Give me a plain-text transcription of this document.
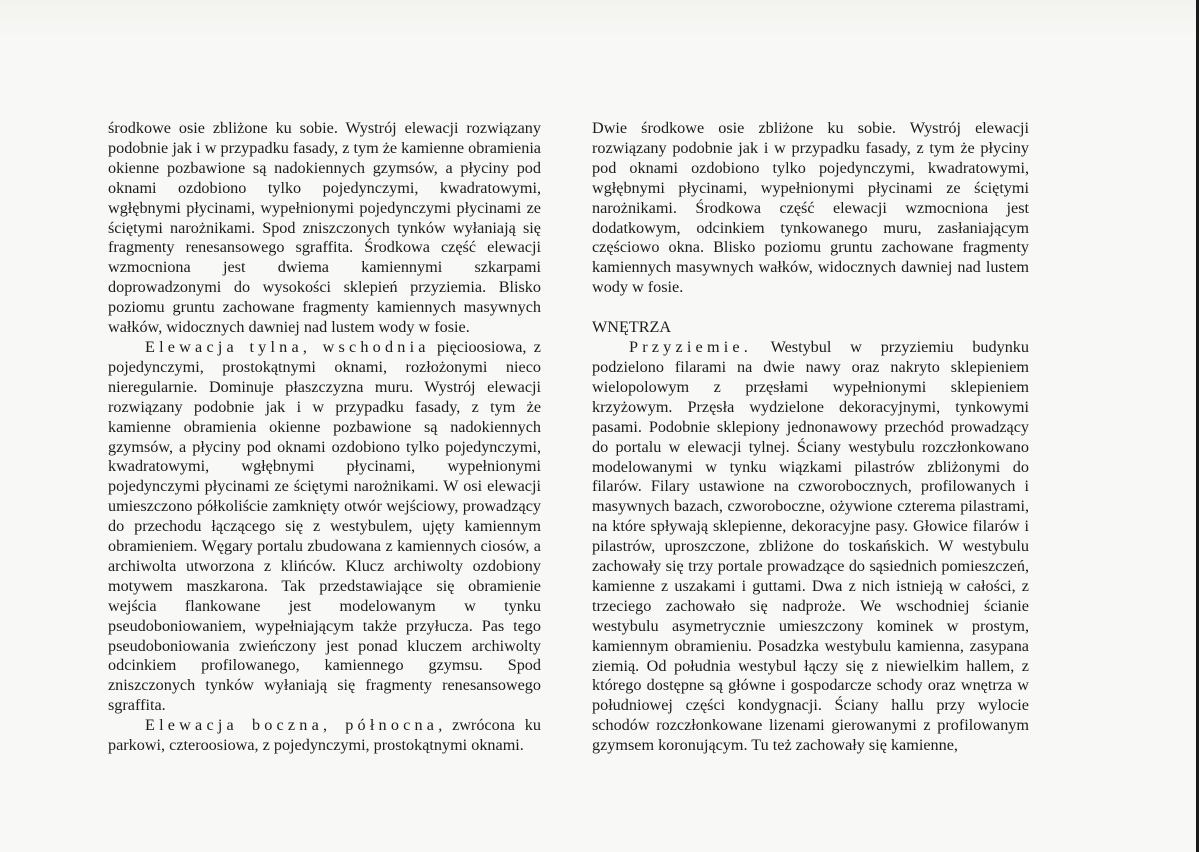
środkowe osie zbliżone ku sobie. Wystrój elewacji rozwiązany podobnie jak i w przypadku fasady, z tym że kamienne obramienia okienne pozbawione są nadokiennych gzymsów, a płyciny pod oknami ozdobiono tylko pojedynczymi, kwadratowymi, wgłębnymi płycinami, wypełnionymi pojedynczymi płycinami ze ściętymi narożnikami. Spod zniszczonych tynków wyłaniają się fragmenty renesansowego sgraffita. Środkowa część elewacji wzmocniona jest dwiema kamiennymi szkarpami doprowadzonymi do wysokości sklepień przyziemia. Blisko poziomu gruntu zachowane fragmenty kamiennych masywnych wałków, widocznych dawniej nad lustem wody w fosie.

Elewacja tylna, wschodnia pięcioosiowa, z pojedynczymi, prostokątnymi oknami, rozłożonymi nieco nieregularnie. Dominuje płaszczyzna muru. Wystrój elewacji rozwiązany podobnie jak i w przypadku fasady, z tym że kamienne obramienia okienne pozbawione są nadokiennych gzymsów, a płyciny pod oknami ozdobiono tylko pojedynczymi, kwadratowymi, wgłębnymi płycinami, wypełnionymi pojedynczymi płycinami ze ściętymi narożnikami. W osi elewacji umieszczono półkoliście zamknięty otwór wejściowy, prowadzący do przechodu łączącego się z westybulem, ujęty kamiennym obramieniem. Węgary portalu zbudowana z kamiennych ciosów, a archiwolta utworzona z klińców. Klucz archiwolty ozdobiony motywem maszkarona. Tak przedstawiające się obramienie wejścia flankowane jest modelowanym w tynku pseudoboniowaniem, wypełniającym także przyłucza. Pas tego pseudoboniowania zwieńczony jest ponad kluczem archiwolty odcinkiem profilowanego, kamiennego gzymsu. Spod zniszczonych tynków wyłaniają się fragmenty renesansowego sgraffita.

Elewacja boczna, północna, zwrócona ku parkowi, czteroosiowa, z pojedynczymi, prostokątnymi oknami.

Dwie środkowe osie zbliżone ku sobie. Wystrój elewacji rozwiązany podobnie jak i w przypadku fasady, z tym że płyciny pod oknami ozdobiono tylko pojedynczymi, kwadratowymi, wgłębnymi płycinami, wypełnionymi płycinami ze ściętymi narożnikami. Środkowa część elewacji wzmocniona jest dodatkowym, odcinkiem tynkowanego muru, zasłaniającym częściowo okna. Blisko poziomu gruntu zachowane fragmenty kamiennych masywnych wałków, widocznych dawniej nad lustem wody w fosie.

WNĘTRZA

Przyziemie. Westybul w przyziemiu budynku podzielono filarami na dwie nawy oraz nakryto sklepieniem wielopolowym z przęsłami wypełnionymi sklepieniem krzyżowym. Przęsła wydzielone dekoracyjnymi, tynkowymi pasami. Podobnie sklepiony jednonawowy przechód prowadzący do portalu w elewacji tylnej. Ściany westybulu rozczłonkowano modelowanymi w tynku wiązkami pilastrów zbliżonymi do filarów. Filary ustawione na czworobocznych, profilowanych i masywnych bazach, czworoboczne, ożywione czterema pilastrami, na które spływają sklepienne, dekoracyjne pasy. Głowice filarów i pilastrów, uproszczone, zbliżone do toskańskich. W westybulu zachowały się trzy portale prowadzące do sąsiednich pomieszczeń, kamienne z uszakami i guttami. Dwa z nich istnieją w całości, z trzeciego zachowało się nadproże. We wschodniej ścianie westybulu asymetrycznie umieszczony kominek w prostym, kamiennym obramieniu. Posadzka westybulu kamienna, zasypana ziemią. Od południa westybul łączy się z niewielkim hallem, z którego dostępne są główne i gospodarcze schody oraz wnętrza w południowej części kondygnacji. Ściany hallu przy wylocie schodów rozczłonkowane lizenami gierowanymi z profilowanym gzymsem koronującym. Tu też zachowały się kamienne,
